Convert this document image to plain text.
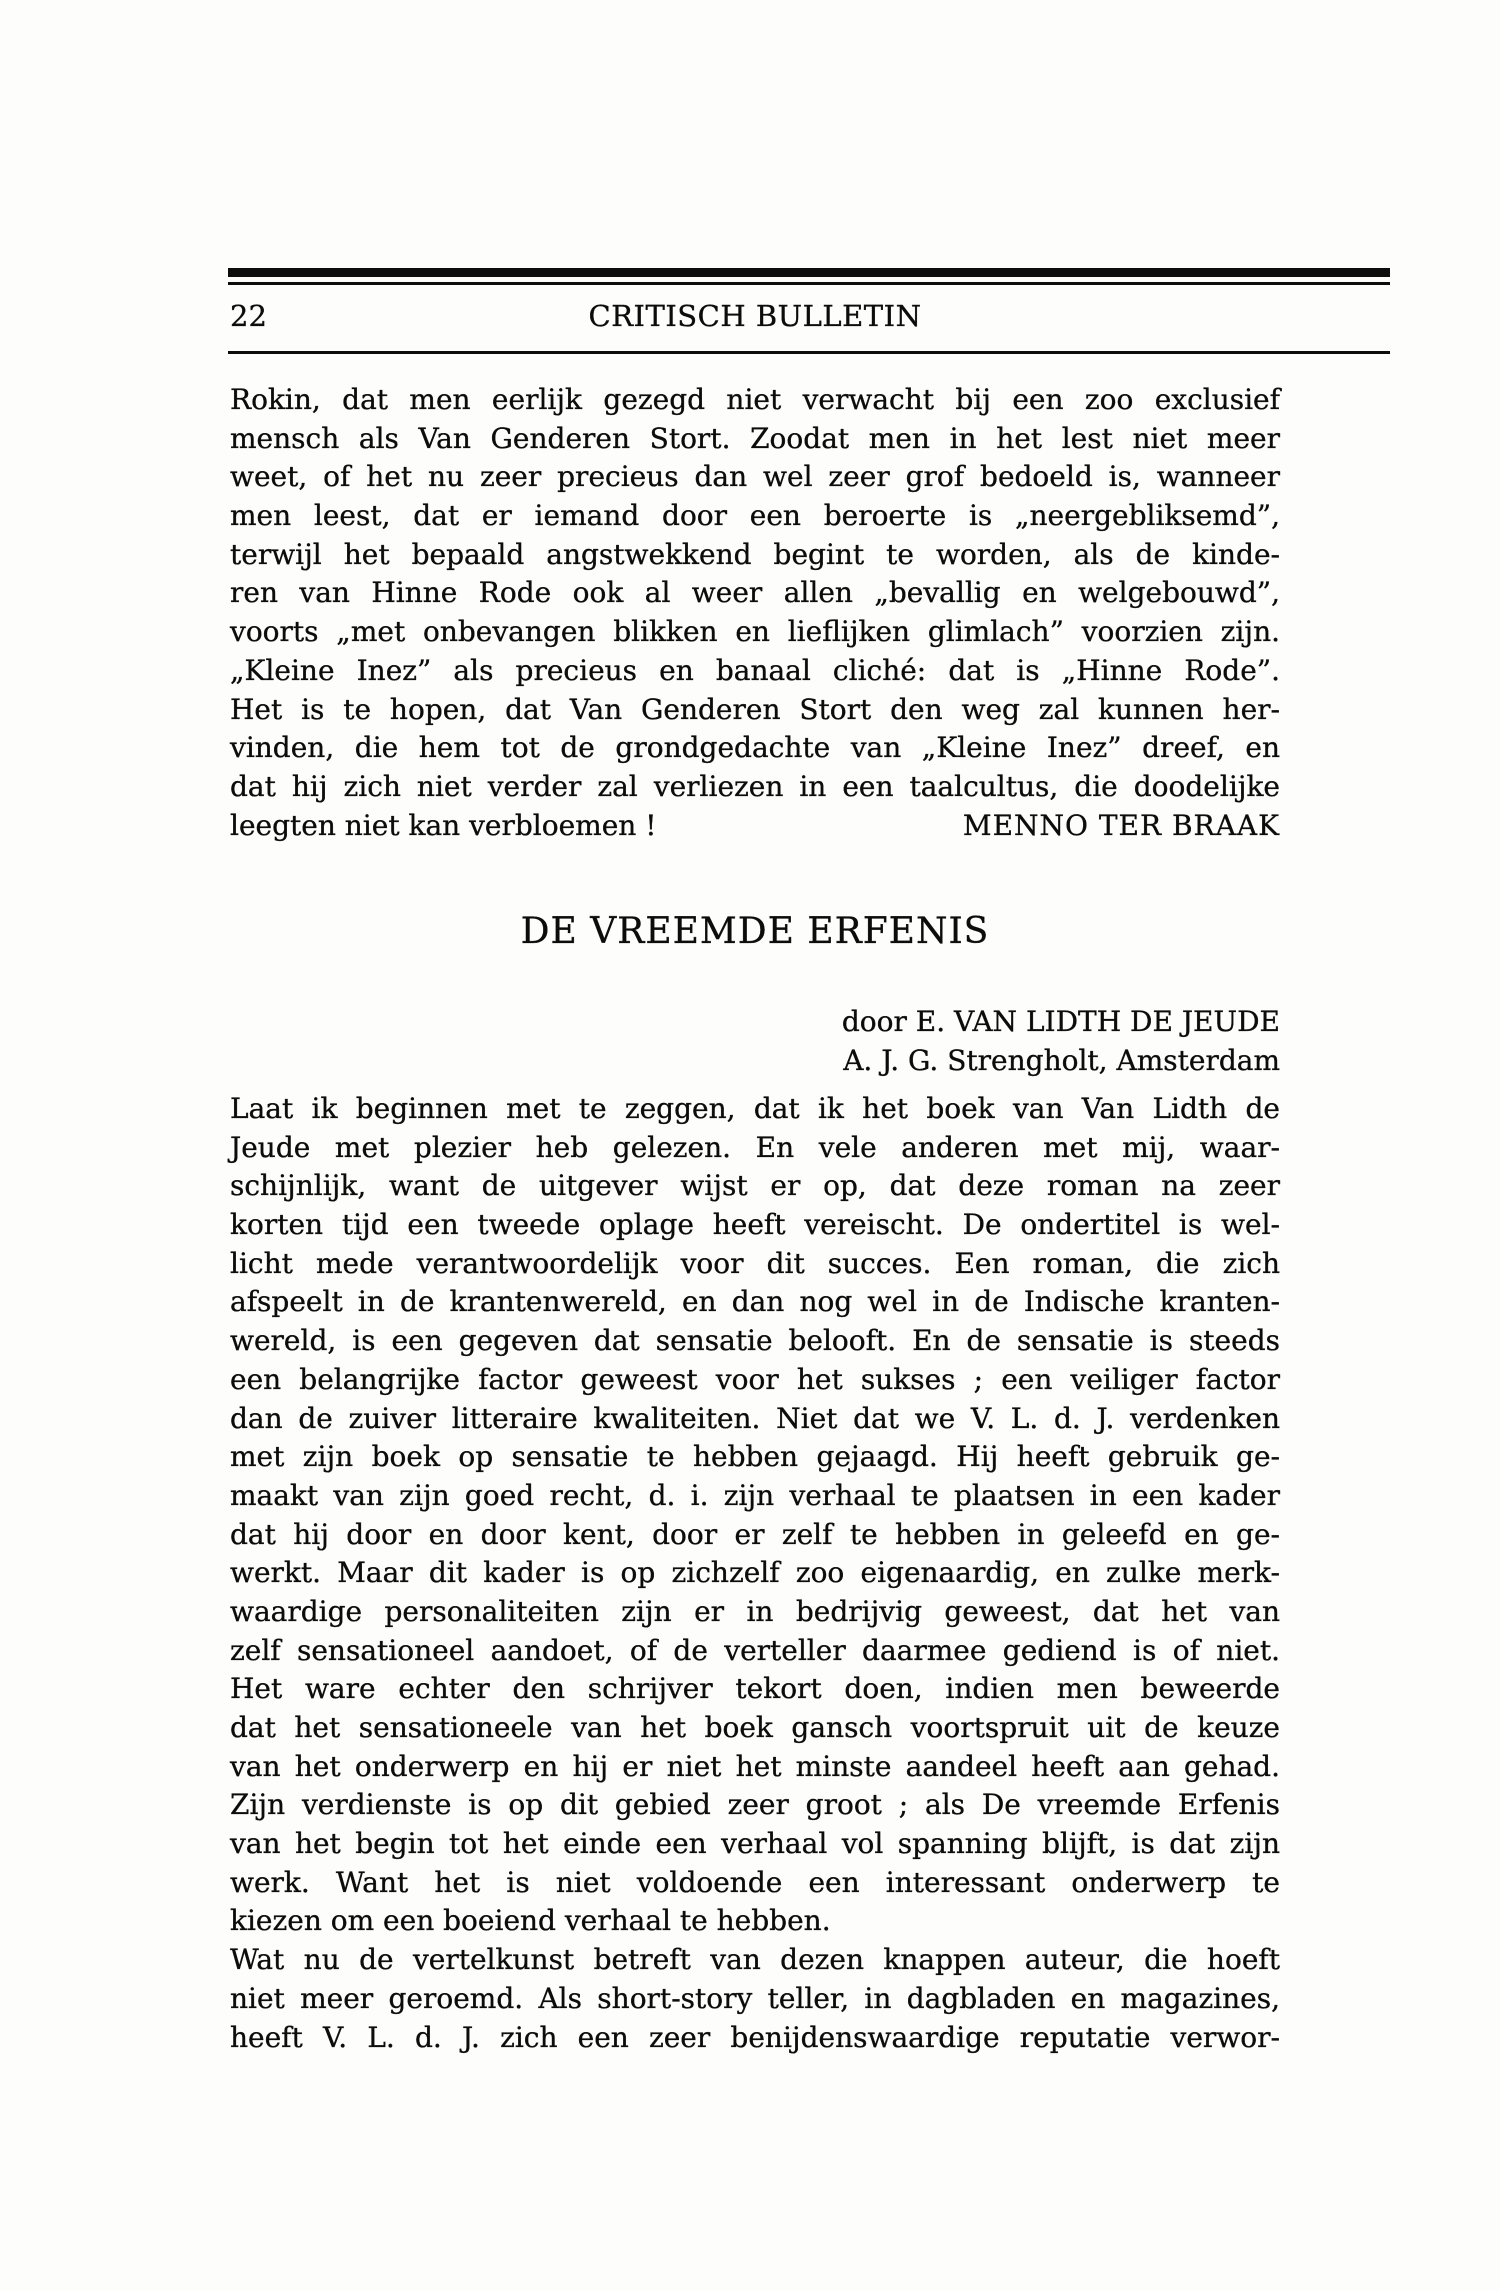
22	CRITISCH BULLETIN
Rokin, dat men eerlijk gezegd niet verwacht bij een zoo exclusief
mensch als Van Genderen Stort. Zoodat men in het lest niet meer
weet, of het nu zeer precieus dan wel zeer grof bedoeld is, wanneer
men leest, dat er iemand door een beroerte is „neergebliksemd”,
terwijl het bepaald angstwekkend begint te worden, als de kinde-
ren van Hinne Rode ook al weer allen „bevallig en welgebouwd”,
voorts „met onbevangen blikken en lieflijken glimlach” voorzien zijn.
„Kleine Inez” als precieus en banaal cliché: dat is „Hinne Rode”.
Het is te hopen, dat Van Genderen Stort den weg zal kunnen her-
vinden, die hem tot de grondgedachte van „Kleine Inez” dreef, en
dat hij zich niet verder zal verliezen in een taalcultus, die doodelijke
leegten niet kan verbloemen !	MENNO TER BRAAK
DE VREEMDE ERFENIS
door E. VAN LIDTH DE JEUDE
A. J. G. Strengholt, Amsterdam
Laat ik beginnen met te zeggen, dat ik het boek van Van Lidth de
Jeude met plezier heb gelezen. En vele anderen met mij, waar-
schijnlijk, want de uitgever wijst er op, dat deze roman na zeer
korten tijd een tweede oplage heeft vereischt. De ondertitel is wel-
licht mede verantwoordelijk voor dit succes. Een roman, die zich
afspeelt in de krantenwereld, en dan nog wel in de Indische kranten-
wereld, is een gegeven dat sensatie belooft. En de sensatie is steeds
een belangrijke factor geweest voor het sukses ; een veiliger factor
dan de zuiver litteraire kwaliteiten. Niet dat we V. L. d. J. verdenken
met zijn boek op sensatie te hebben gejaagd. Hij heeft gebruik ge-
maakt van zijn goed recht, d. i. zijn verhaal te plaatsen in een kader
dat hij door en door kent, door er zelf te hebben in geleefd en ge-
werkt. Maar dit kader is op zichzelf zoo eigenaardig, en zulke merk-
waardige personaliteiten zijn er in bedrijvig geweest, dat het van
zelf sensationeel aandoet, of de verteller daarmee gediend is of niet.
Het ware echter den schrijver tekort doen, indien men beweerde
dat het sensationeele van het boek gansch voortspruit uit de keuze
van het onderwerp en hij er niet het minste aandeel heeft aan gehad.
Zijn verdienste is op dit gebied zeer groot ; als De vreemde Erfenis
van het begin tot het einde een verhaal vol spanning blijft, is dat zijn
werk. Want het is niet voldoende een interessant onderwerp te
kiezen om een boeiend verhaal te hebben.
Wat nu de vertelkunst betreft van dezen knappen auteur, die hoeft
niet meer geroemd. Als short-story teller, in dagbladen en magazines,
heeft V. L. d. J. zich een zeer benijdenswaardige reputatie verwor-
